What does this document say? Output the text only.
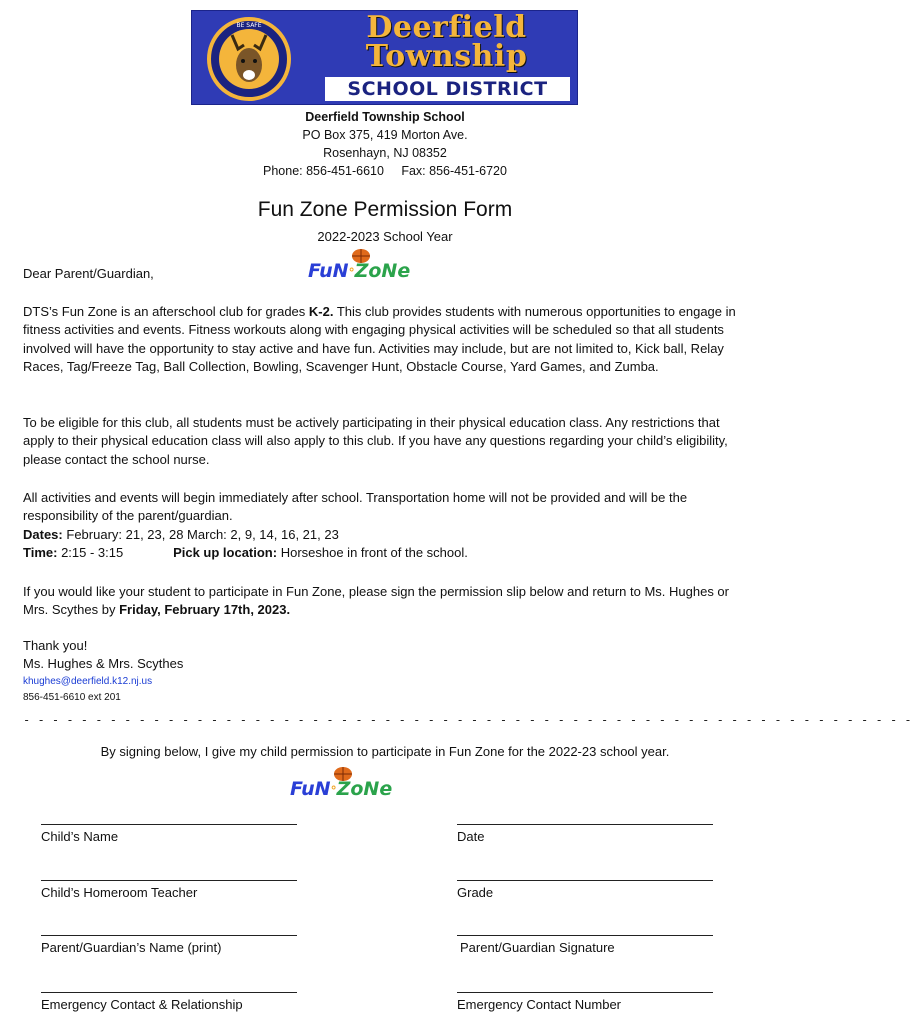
BE SAFE	Deerfield
Township
SCHOOL DISTRICT
Deerfield Township School
PO Box 375, 419 Morton Ave.
Rosenhayn, NJ 08352
Phone: 856-451-6610 Fax: 856-451-6720
Fun Zone Permission Form
2022-2023 School Year
FuN°ZoNe
Dear Parent/Guardian,

DTS’s Fun Zone is an afterschool club for grades K-2. This club provides students with numerous opportunities to engage in fitness activities and events. Fitness workouts along with engaging physical activities will be scheduled so that all students involved will have the opportunity to stay active and have fun. Activities may include, but are not limited to, Kick ball, Relay Races, Tag/Freeze Tag, Ball Collection, Bowling, Scavenger Hunt, Obstacle Course, Yard Games, and Zumba.

To be eligible for this club, all students must be actively participating in their physical education class. Any restrictions that apply to their physical education class will also apply to this club. If you have any questions regarding your child’s eligibility, please contact the school nurse.

All activities and events will begin immediately after school. Transportation home will not be provided and will be the responsibility of the parent/guardian.

Dates: February: 21, 23, 28 March: 2, 9, 14, 16, 21, 23

Time: 2:15 - 3:15	Pick up location: Horseshoe in front of the school.

If you would like your student to participate in Fun Zone, please sign the permission slip below and return to Ms. Hughes or Mrs. Scythes by Friday, February 17th, 2023.

Thank you!

Ms. Hughes & Mrs. Scythes

khughes@deerfield.k12.nj.us

856-451-6610 ext 201

- - - - - - - - - - - - - - - - - - - - - - - - - - - - - - - - - - - - - - - - - - - - - - - - - - - - - - - - - - - - - -
By signing below, I give my child permission to participate in Fun Zone for the 2022-23 school year.
FuN°ZoNe
Child’s Name	Date
Child’s Homeroom Teacher	Grade
Parent/Guardian’s Name (print)	Parent/Guardian Signature
Emergency Contact & Relationship	Emergency Contact Number
